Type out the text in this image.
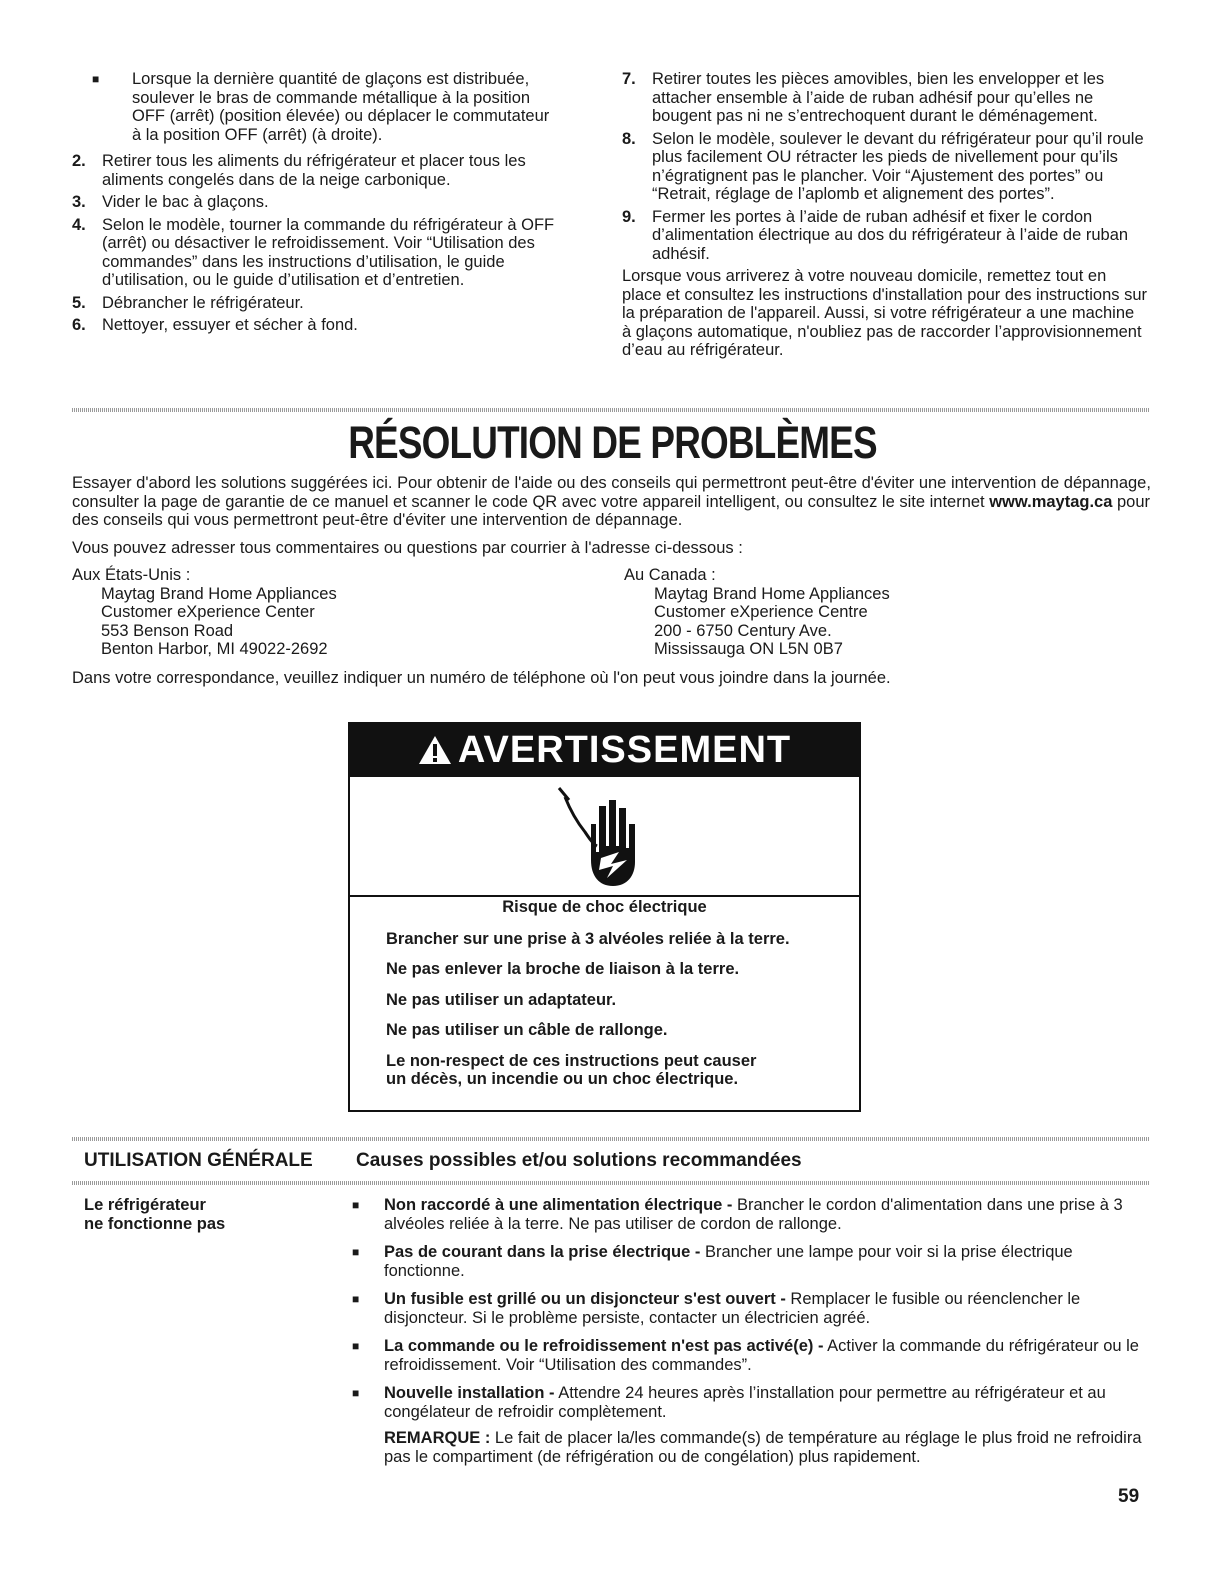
■	Lorsque la dernière quantité de glaçons est distribuée, soulever le bras de commande métallique à la position OFF (arrêt) (position élevée) ou déplacer le commutateur à la position OFF (arrêt) (à droite).
2. Retirer tous les aliments du réfrigérateur et placer tous les aliments congelés dans de la neige carbonique.
3. Vider le bac à glaçons.
4. Selon le modèle, tourner la commande du réfrigérateur à OFF (arrêt) ou désactiver le refroidissement. Voir “Utilisation des commandes” dans les instructions d’utilisation, le guide d’utilisation, ou le guide d’utilisation et d’entretien.
5. Débrancher le réfrigérateur.
6. Nettoyer, essuyer et sécher à fond.
7. Retirer toutes les pièces amovibles, bien les envelopper et les attacher ensemble à l’aide de ruban adhésif pour qu’elles ne bougent pas ni ne s’entrechoquent durant le déménagement.
8. Selon le modèle, soulever le devant du réfrigérateur pour qu’il roule plus facilement OU rétracter les pieds de nivellement pour qu’ils n’égratignent pas le plancher. Voir “Ajustement des portes” ou “Retrait, réglage de l’aplomb et alignement des portes”.
9. Fermer les portes à l’aide de ruban adhésif et fixer le cordon d’alimentation électrique au dos du réfrigérateur à l’aide de ruban adhésif.
Lorsque vous arriverez à votre nouveau domicile, remettez tout en place et consultez les instructions d'installation pour des instructions sur la préparation de l'appareil. Aussi, si votre réfrigérateur a une machine à glaçons automatique, n'oubliez pas de raccorder l’approvisionnement d’eau au réfrigérateur.
RÉSOLUTION DE PROBLÈMES
Essayer d'abord les solutions suggérées ici. Pour obtenir de l'aide ou des conseils qui permettront peut-être d'éviter une intervention de dépannage, consulter la page de garantie de ce manuel et scanner le code QR avec votre appareil intelligent, ou consultez le site internet www.maytag.ca pour des conseils qui vous permettront peut-être d'éviter une intervention de dépannage.
Vous pouvez adresser tous commentaires ou questions par courrier à l'adresse ci-dessous :
Aux États-Unis :
Maytag Brand Home Appliances
Customer eXperience Center
553 Benson Road
Benton Harbor, MI 49022-2692
Au Canada :
Maytag Brand Home Appliances
Customer eXperience Centre
200 - 6750 Century Ave.
Mississauga ON L5N 0B7
Dans votre correspondance, veuillez indiquer un numéro de téléphone où l'on peut vous joindre dans la journée.
AVERTISSEMENT
Risque de choc électrique
Brancher sur une prise à 3 alvéoles reliée à la terre.
Ne pas enlever la broche de liaison à la terre.
Ne pas utiliser un adaptateur.
Ne pas utiliser un câble de rallonge.
Le non-respect de ces instructions peut causer
un décès, un incendie ou un choc électrique.
UTILISATION GÉNÉRALE Causes possibles et/ou solutions recommandées
Le réfrigérateur
ne fonctionne pas
■ Non raccordé à une alimentation électrique - Brancher le cordon d'alimentation dans une prise à 3 alvéoles reliée à la terre. Ne pas utiliser de cordon de rallonge.
■ Pas de courant dans la prise électrique - Brancher une lampe pour voir si la prise électrique fonctionne.
■ Un fusible est grillé ou un disjoncteur s'est ouvert - Remplacer le fusible ou réenclencher le disjoncteur. Si le problème persiste, contacter un électricien agréé.
■ La commande ou le refroidissement n'est pas activé(e) - Activer la commande du réfrigérateur ou le refroidissement. Voir “Utilisation des commandes”.
■ Nouvelle installation - Attendre 24 heures après l’installation pour permettre au réfrigérateur et au congélateur de refroidir complètement.
REMARQUE : Le fait de placer la/les commande(s) de température au réglage le plus froid ne refroidira pas le compartiment (de réfrigération ou de congélation) plus rapidement.
59
